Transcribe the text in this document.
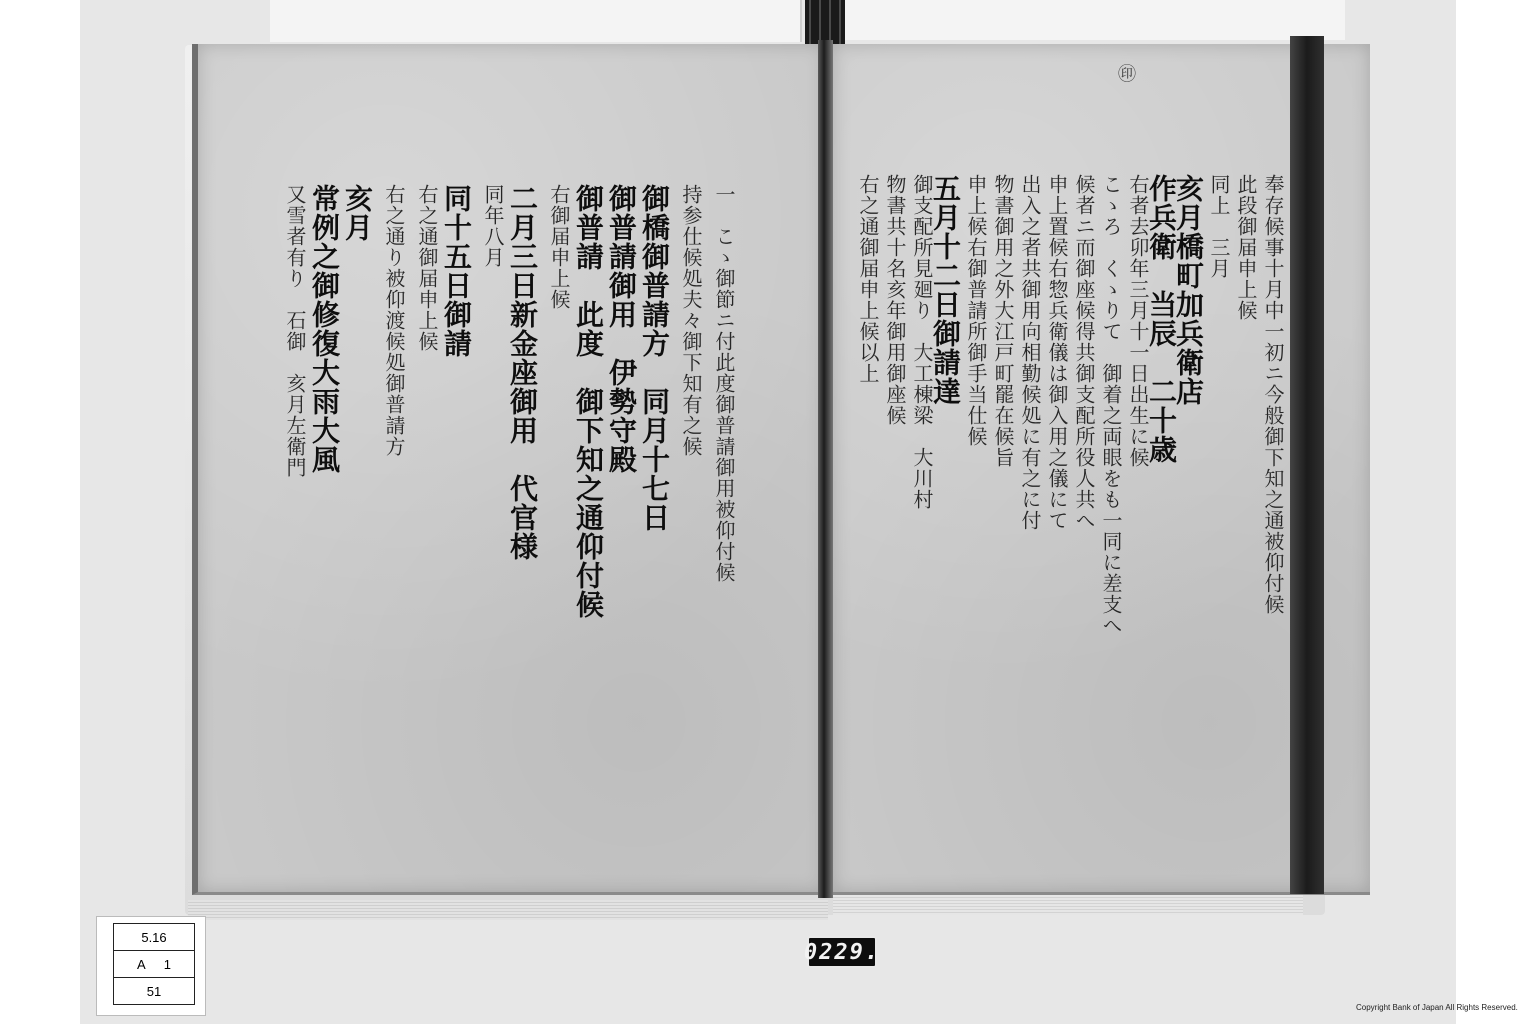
一　こゝ御節ニ付此度御普請御用被仰付候
持参仕候処夫々御下知有之候
御橋御普請方　同月十七日
御普請御用　伊勢守殿
御普請　此度　御下知之通仰付候
右御届申上候
二月三日新金座御用　代官様
同年八月
同十五日御請
右之通御届申上候
右之通り被仰渡候処御普請方
亥月
常例之御修復大雨大風
又雪者有り　石御　亥月左衛門	奉存候事十月中一初ニ今般御下知之通被仰付候
此段御届申上候
同上　三月
亥月橋町加兵衛店
作兵衛　当辰　二十歳
右者去卯年三月十一日出生に候
こゝろ　くゝりて　御着之両眼をも一同に差支へ
候者ニ而御座候得共御支配所役人共へ
申上置候右惣兵衛儀は御入用之儀にて
出入之者共御用向相勤候処に有之に付
物書御用之外大江戸町罷在候旨
申上候右御普請所御手当仕候
五月十二日御請達
御支配所見廻り　大工棟梁　大川村
物書共十名亥年御用御座候
右之通御届申上候以上
㊞
5.16
A 1
51
0229.
Copyright Bank of Japan All Rights Reserved.
